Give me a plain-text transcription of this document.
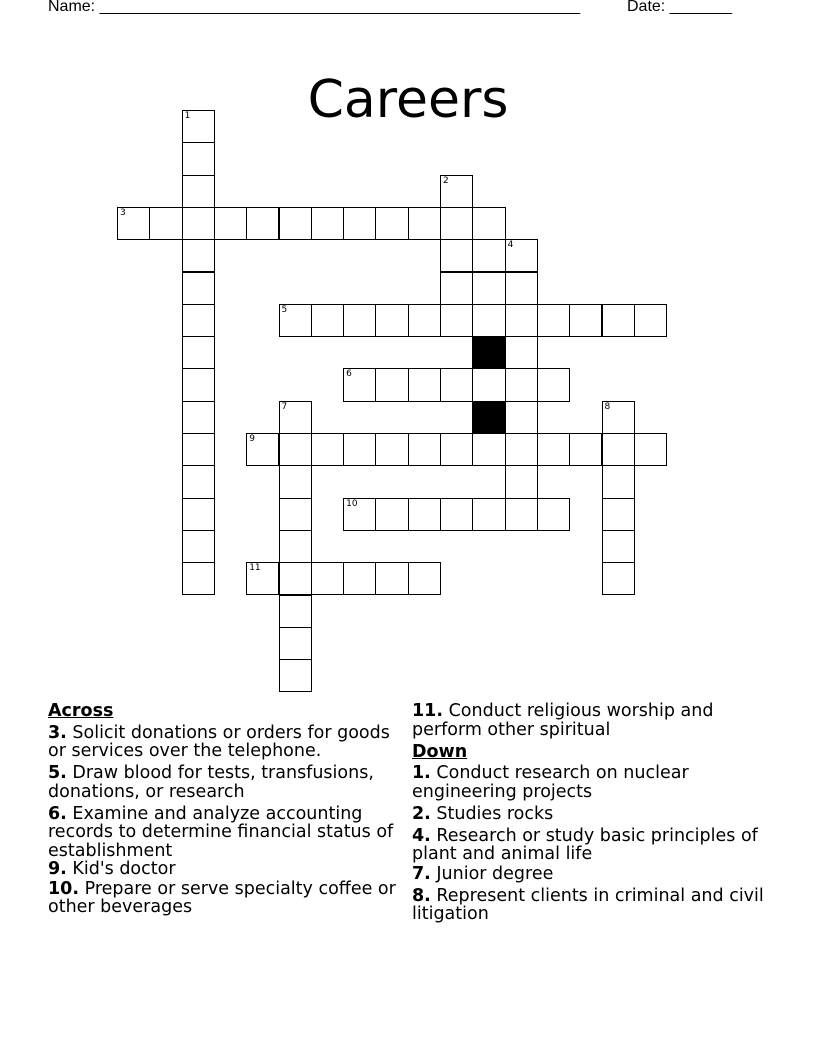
Name: ______________________________________________________	Date: _______
Careers
1
2
3
4
5
6
7	8
9
10
11
Across
3. Solicit donations or orders for goods or services over the telephone.
5. Draw blood for tests, transfusions, donations, or research
6. Examine and analyze accounting records to determine financial status of establishment
9. Kid's doctor
10. Prepare or serve specialty coffee or other beverages
11. Conduct religious worship and perform other spiritual
Down
1. Conduct research on nuclear engineering projects
2. Studies rocks
4. Research or study basic principles of plant and animal life
7. Junior degree
8. Represent clients in criminal and civil litigation
